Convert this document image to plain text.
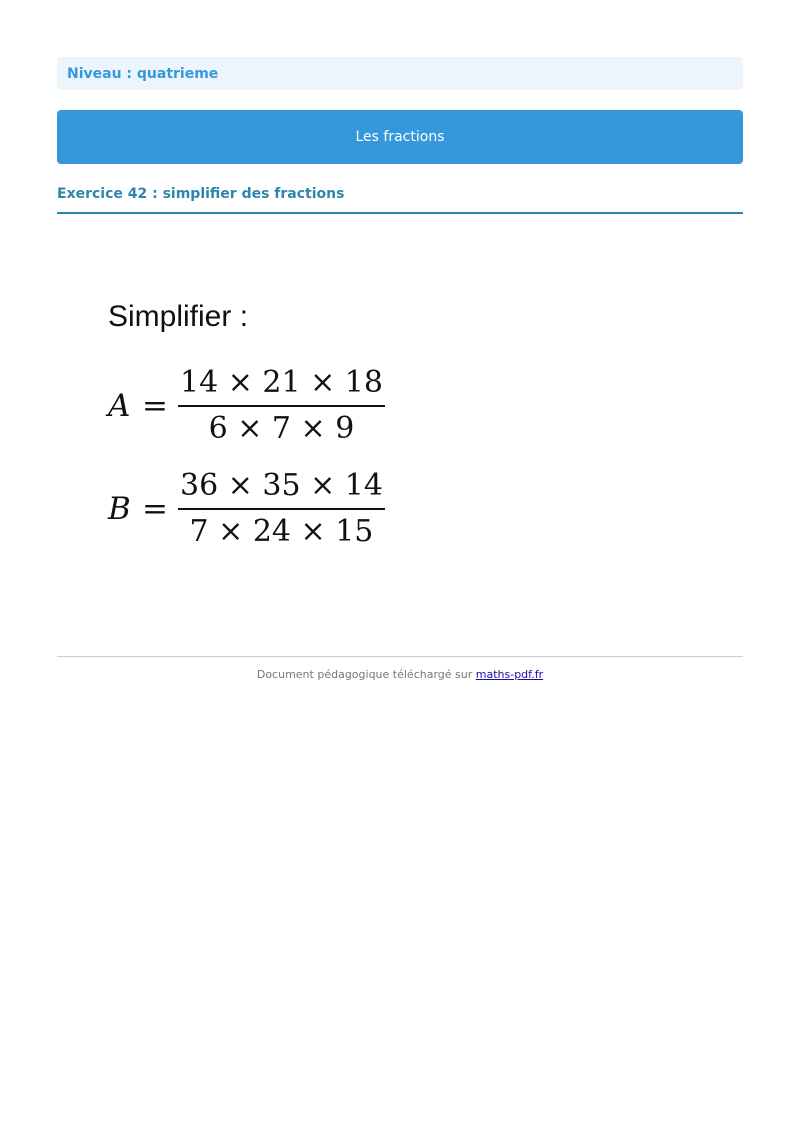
Niveau : quatrieme
Les fractions
Exercice 42 : simplifier des fractions
Simplifier :
$A = \frac{14 \times 21 \times 18}{6 \times 7 \times 9}$
$B = \frac{36 \times 35 \times 14}{7 \times 24 \times 15}$
Document pédagogique téléchargé sur maths-pdf.fr
